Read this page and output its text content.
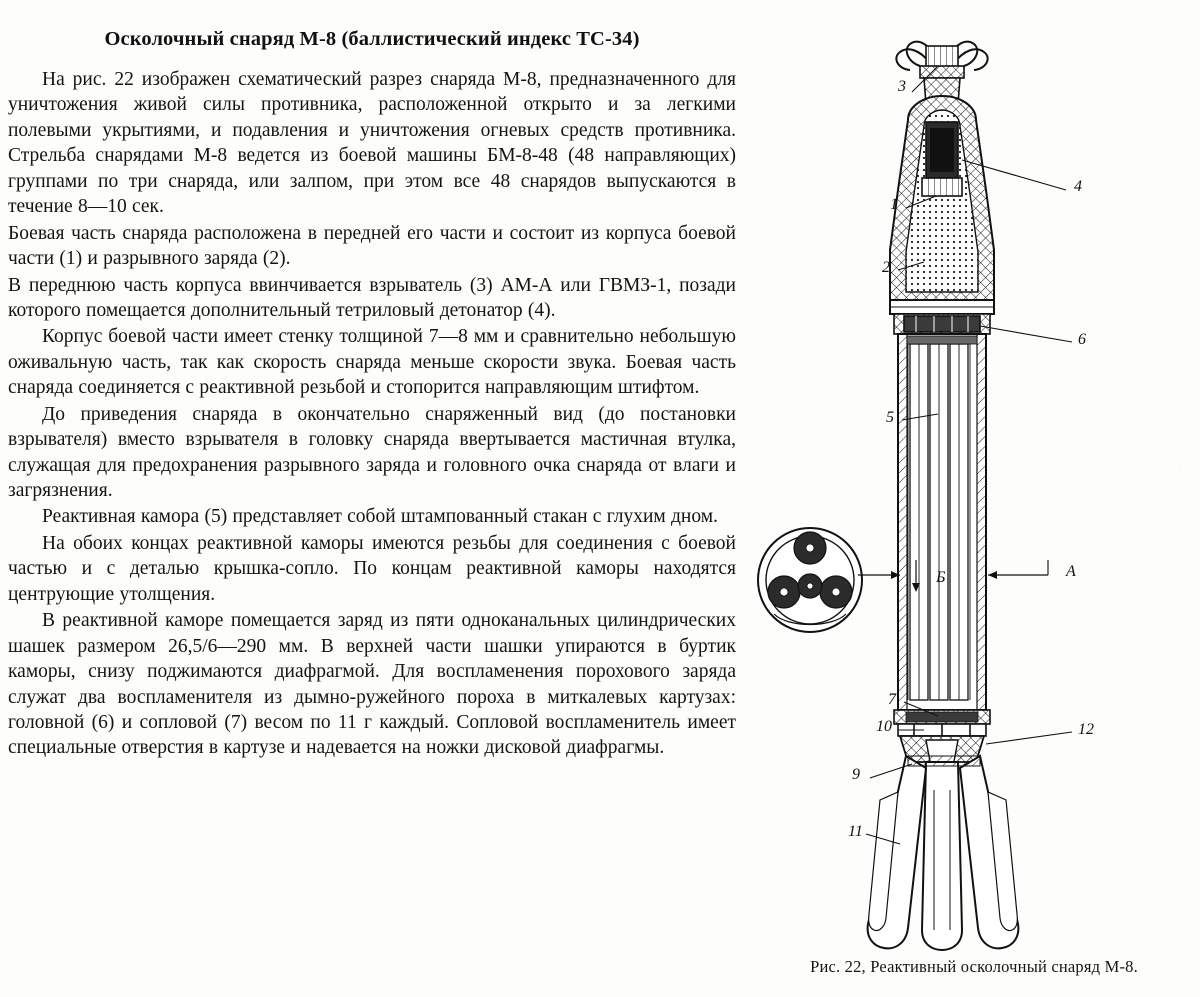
Осколочный снаряд М-8 (баллистический индекс ТС-34)

На рис. 22 изображен схематический разрез снаряда М-8, предназначенного для уничтожения живой силы противника, расположенной открыто и за легкими полевыми укрытиями, и подавления и уничтожения огневых средств противника. Стрельба снарядами М-8 ведется из боевой машины БМ-8-48 (48 направляющих) группами по три снаряда, или залпом, при этом все 48 снарядов выпускаются в течение 8—10 сек.

Боевая часть снаряда расположена в передней его части и состоит из корпуса боевой части (1) и разрывного заряда (2).

В переднюю часть корпуса ввинчивается взрыватель (3) АМ-А или ГВМЗ-1, позади которого помещается дополнительный тетриловый детонатор (4).

Корпус боевой части имеет стенку толщиной 7—8 мм и сравнительно небольшую оживальную часть, так как скорость снаряда меньше скорости звука. Боевая часть снаряда соединяется с реактивной резьбой и стопорится направляющим штифтом.

До приведения снаряда в окончательно снаряженный вид (до постановки взрывателя) вместо взрывателя в головку снаряда ввертывается мастичная втулка, служащая для предохранения разрывного заряда и головного очка снаряда от влаги и загрязнения.

Реактивная камора (5) представляет собой штампованный стакан с глухим дном.

На обоих концах реактивной каморы имеются резьбы для соединения с боевой частью и с деталью крышка-сопло. По концам реактивной каморы находятся центрующие утолщения.

В реактивной каморе помещается заряд из пяти одноканальных цилиндрических шашек размером 26,5/6—290 мм. В верхней части шашки упираются в буртик каморы, снизу поджимаются диафрагмой. Для воспламенения порохового заряда служат два воспламенителя из дымно-ружейного пороха в миткалевых картузах: головной (6) и сопловой (7) весом по 11 г каждый. Сопловой воспламенитель имеет специальные отверстия в картузе и надевается на ножки дисковой диафрагмы.

3
4
1
2
6
5
А
Б
7
10	12
9
11
Рис. 22, Реактивный осколочный снаряд М-8.
